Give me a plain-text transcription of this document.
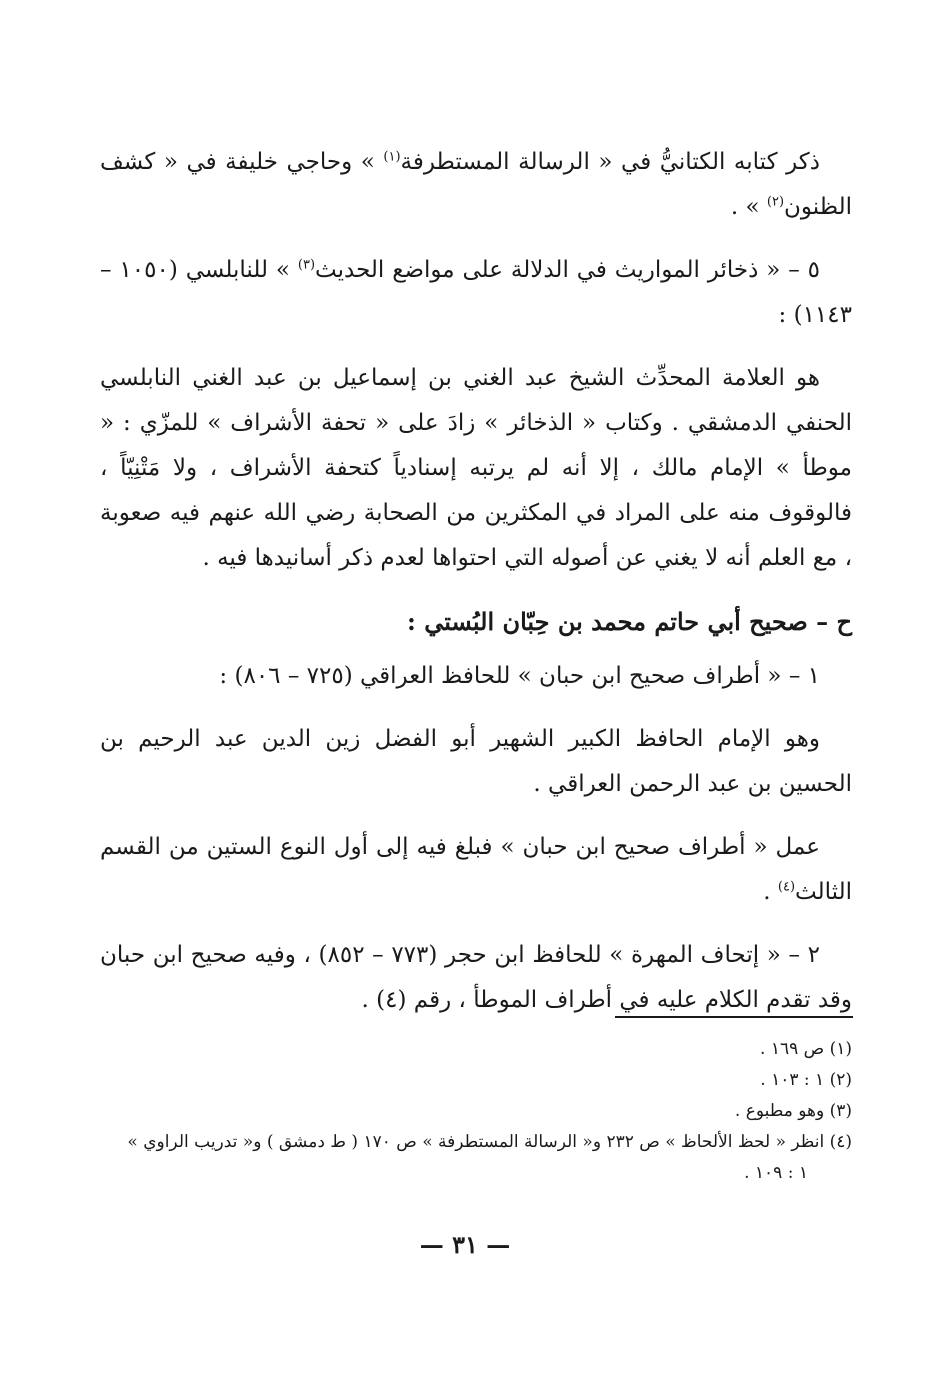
ذكر كتابه الكتانيُّ في « الرسالة المستطرفة$^{(١)}$ » وحاجي خليفة في « كشف الظنون$^{(٢)}$ » .

٥ – « ذخائر المواريث في الدلالة على مواضع الحديث$^{(٣)}$ » للنابلسي (١٠٥٠ – ١١٤٣) :

هو العلامة المحدِّث الشيخ عبد الغني بن إسماعيل بن عبد الغني النابلسي الحنفي الدمشقي . وكتاب « الذخائر » زادَ على « تحفة الأشراف » للمزّي : « موطأ » الإمام مالك ، إلا أنه لم يرتبه إسنادياً كتحفة الأشراف ، ولا مَتْنِيّاً ، فالوقوف منه على المراد في المكثرين من الصحابة رضي الله عنهم فيه صعوبة ، مع العلم أنه لا يغني عن أصوله التي احتواها لعدم ذكر أسانيدها فيه .

ح – صحيح أبي حاتم محمد بن حِبّان البُستي :

١ – « أطراف صحيح ابن حبان » للحافظ العراقي (٧٢٥ – ٨٠٦) :

وهو الإمام الحافظ الكبير الشهير أبو الفضل زين الدين عبد الرحيم بن الحسين بن عبد الرحمن العراقي .

عمل « أطراف صحيح ابن حبان » فبلغ فيه إلى أول النوع الستين من القسم الثالث$^{(٤)}$ .

٢ – « إتحاف المهرة » للحافظ ابن حجر (٧٧٣ – ٨٥٢) ، وفيه صحيح ابن حبان وقد تقدم الكلام عليه في أطراف الموطأ ، رقم (٤) .

(١) ص ١٦٩ .

(٢) ١ : ١٠٣ .

(٣) وهو مطبوع .

(٤) انظر « لحظ الألحاظ » ص ٢٣٢ و« الرسالة المستطرفة » ص ١٧٠ ( ط دمشق ) و« تدريب الراوي »

١ : ١٠٩ .

— ٣١ —
